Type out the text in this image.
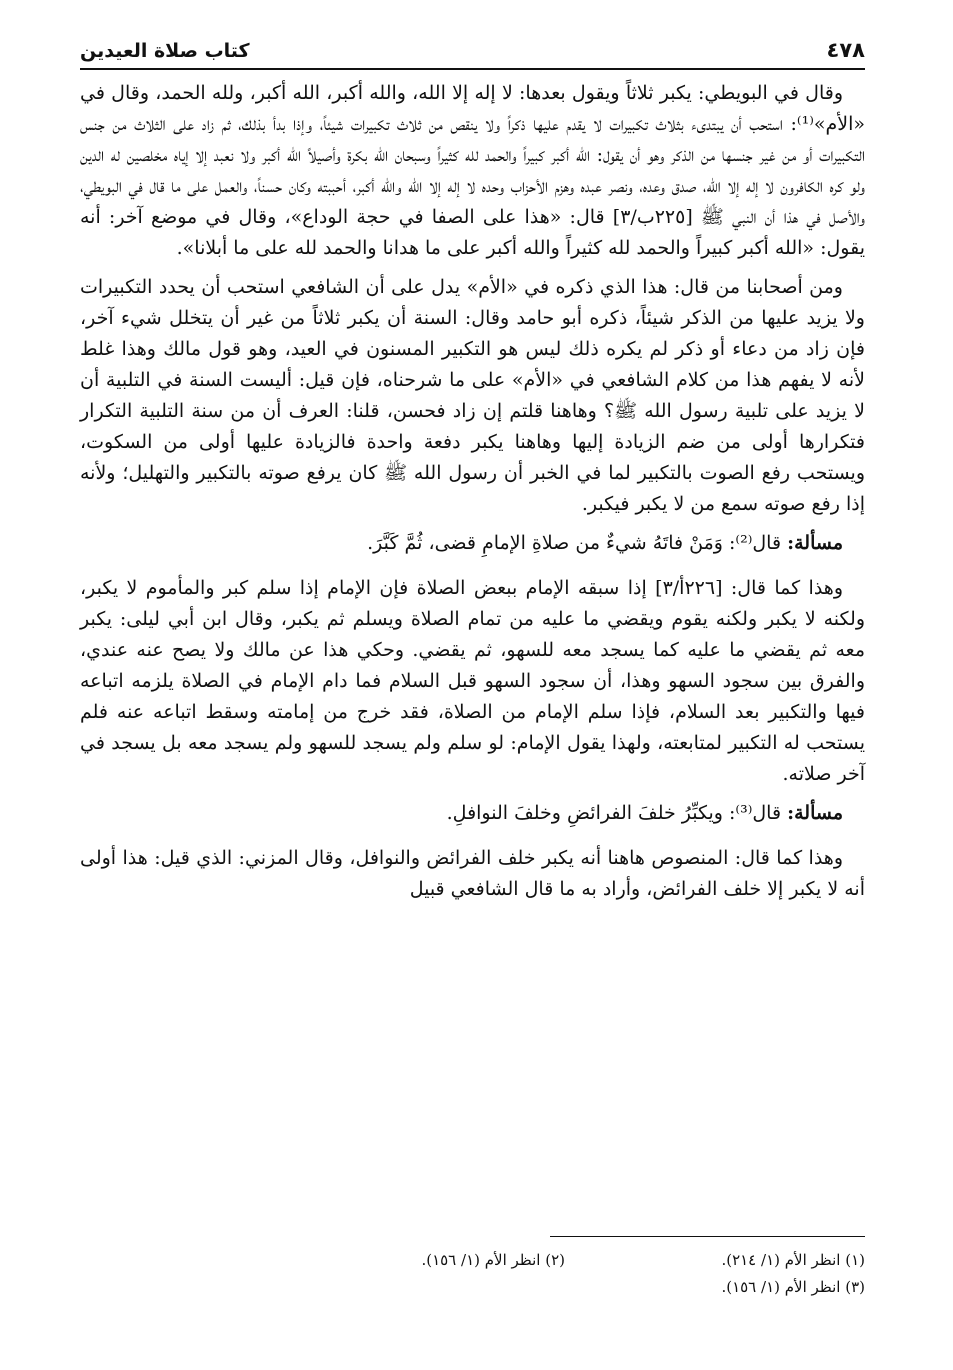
٤٧٨
كتاب صلاة العيدين

وقال في البويطي: يكبر ثلاثاً ويقول بعدها: لا إله إلا الله، والله أكبر، الله أكبر، ولله الحمد، وقال في «الأم»⁽¹⁾: استحب أن يبتدىء بثلاث تكبيرات لا يقدم عليها ذكراً ولا ينقص من ثلاث تكبيرات شيئاً، وإذا بدأ بذلك، ثم زاد على الثلاث من جنس التكبيرات أو من غير جنسها من الذكر وهو أن يقول: الله أكبر كبيراً والحمد لله كثيراً وسبحان الله بكرة وأصيلاً الله أكبر ولا نعبد إلا إياه مخلصين له الدين ولو كره الكافرون لا إله إلا الله، صدق وعده، ونصر عبده وهزم الأحزاب وحده لا إله إلا الله والله أكبر، أحببته وكان حسناً، والعمل على ما قال في البويطي، والأصل في هذا أن النبي ﷺ [٢٢٥ب/٣] قال: «هذا على الصفا في حجة الوداع»، وقال في موضع آخر: أنه يقول: «الله أكبر كبيراً والحمد لله كثيراً والله أكبر على ما هدانا والحمد لله على ما أبلانا».

ومن أصحابنا من قال: هذا الذي ذكره في «الأم» يدل على أن الشافعي استحب أن يحدد التكبيرات ولا يزيد عليها من الذكر شيئاً، ذكره أبو حامد وقال: السنة أن يكبر ثلاثاً من غير أن يتخلل شيء آخر، فإن زاد من دعاء أو ذكر لم يكره ذلك ليس هو التكبير المسنون في العيد، وهو قول مالك وهذا غلط لأنه لا يفهم هذا من كلام الشافعي في «الأم» على ما شرحناه، فإن قيل: أليست السنة في التلبية أن لا يزيد على تلبية رسول الله ﷺ؟ وهاهنا قلتم إن زاد فحسن، قلنا: العرف أن من سنة التلبية التكرار فتكرارها أولى من ضم الزيادة إليها وهاهنا يكبر دفعة واحدة فالزيادة عليها أولى من السكوت، ويستحب رفع الصوت بالتكبير لما في الخبر أن رسول الله ﷺ كان يرفع صوته بالتكبير والتهليل؛ ولأنه إذا رفع صوته سمع من لا يكبر فيكبر.

مسألة: قال⁽²⁾: وَمَنْ فاتَهُ شيءٌ من صلاةِ الإمامِ قضى، ثُمَّ كَبَّرَ.

وهذا كما قال: [٢٢٦أ/٣] إذا سبقه الإمام ببعض الصلاة فإن الإمام إذا سلم كبر والمأموم لا يكبر، ولكنه لا يكبر ولكنه يقوم ويقضي ما عليه من تمام الصلاة ويسلم ثم يكبر، وقال ابن أبي ليلى: يكبر معه ثم يقضي ما عليه كما يسجد معه للسهو، ثم يقضي. وحكي هذا عن مالك ولا يصح عنه عندي، والفرق بين سجود السهو وهذا، أن سجود السهو قبل السلام فما دام الإمام في الصلاة يلزمه اتباعه فيها والتكبير بعد السلام، فإذا سلم الإمام من الصلاة، فقد خرج من إمامته وسقط اتباعه عنه فلم يستحب له التكبير لمتابعته، ولهذا يقول الإمام: لو سلم ولم يسجد للسهو ولم يسجد معه بل يسجد في آخر صلاته.

مسألة: قال⁽³⁾: ويكبِّرُ خلفَ الفرائضِ وخلفَ النوافلِ.

وهذا كما قال: المنصوص هاهنا أنه يكبر خلف الفرائض والنوافل، وقال المزني: الذي قيل: هذا أولى أنه لا يكبر إلا خلف الفرائض، وأراد به ما قال الشافعي قبيل

(١) انظر الأم (١/ ٢١٤).
(٢) انظر الأم (١/ ١٥٦).
(٣) انظر الأم (١/ ١٥٦).
